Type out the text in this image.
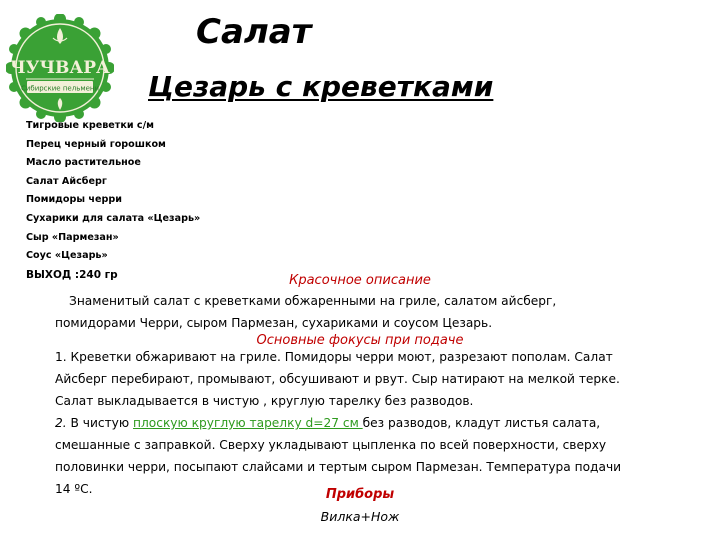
ЧУЧВАРА
Сибирские пельмени
Салат
Цезарь с креветками
Тигровые креветки с/м
Перец черный горошком
Масло растительное
Салат Айсберг
Помидоры черри
Сухарики для салата «Цезарь»
Сыр «Пармезан»
Соус «Цезарь»
ВЫХОД :240 гр	Красочное описание
Знаменитый салат с креветками обжаренными на гриле, салатом айсберг,
помидорами Черри, сыром Пармезан, сухариками и соусом Цезарь.
Основные фокусы при подаче
1. Креветки обжаривают на гриле. Помидоры черри моют, разрезают пополам. Салат
Айсберг перебирают, промывают, обсушивают и рвут. Сыр натирают на мелкой терке.
Салат выкладывается в чистую , круглую тарелку без разводов.
2. В чистую плоскую круглую тарелку d=27 см без разводов, кладут листья салата,
смешанные с заправкой. Сверху укладывают цыпленка по всей поверхности, сверху
половинки черри, посыпают слайсами и тертым сыром Пармезан. Температура подачи
14 ºС.	Приборы
Вилка+Нож
